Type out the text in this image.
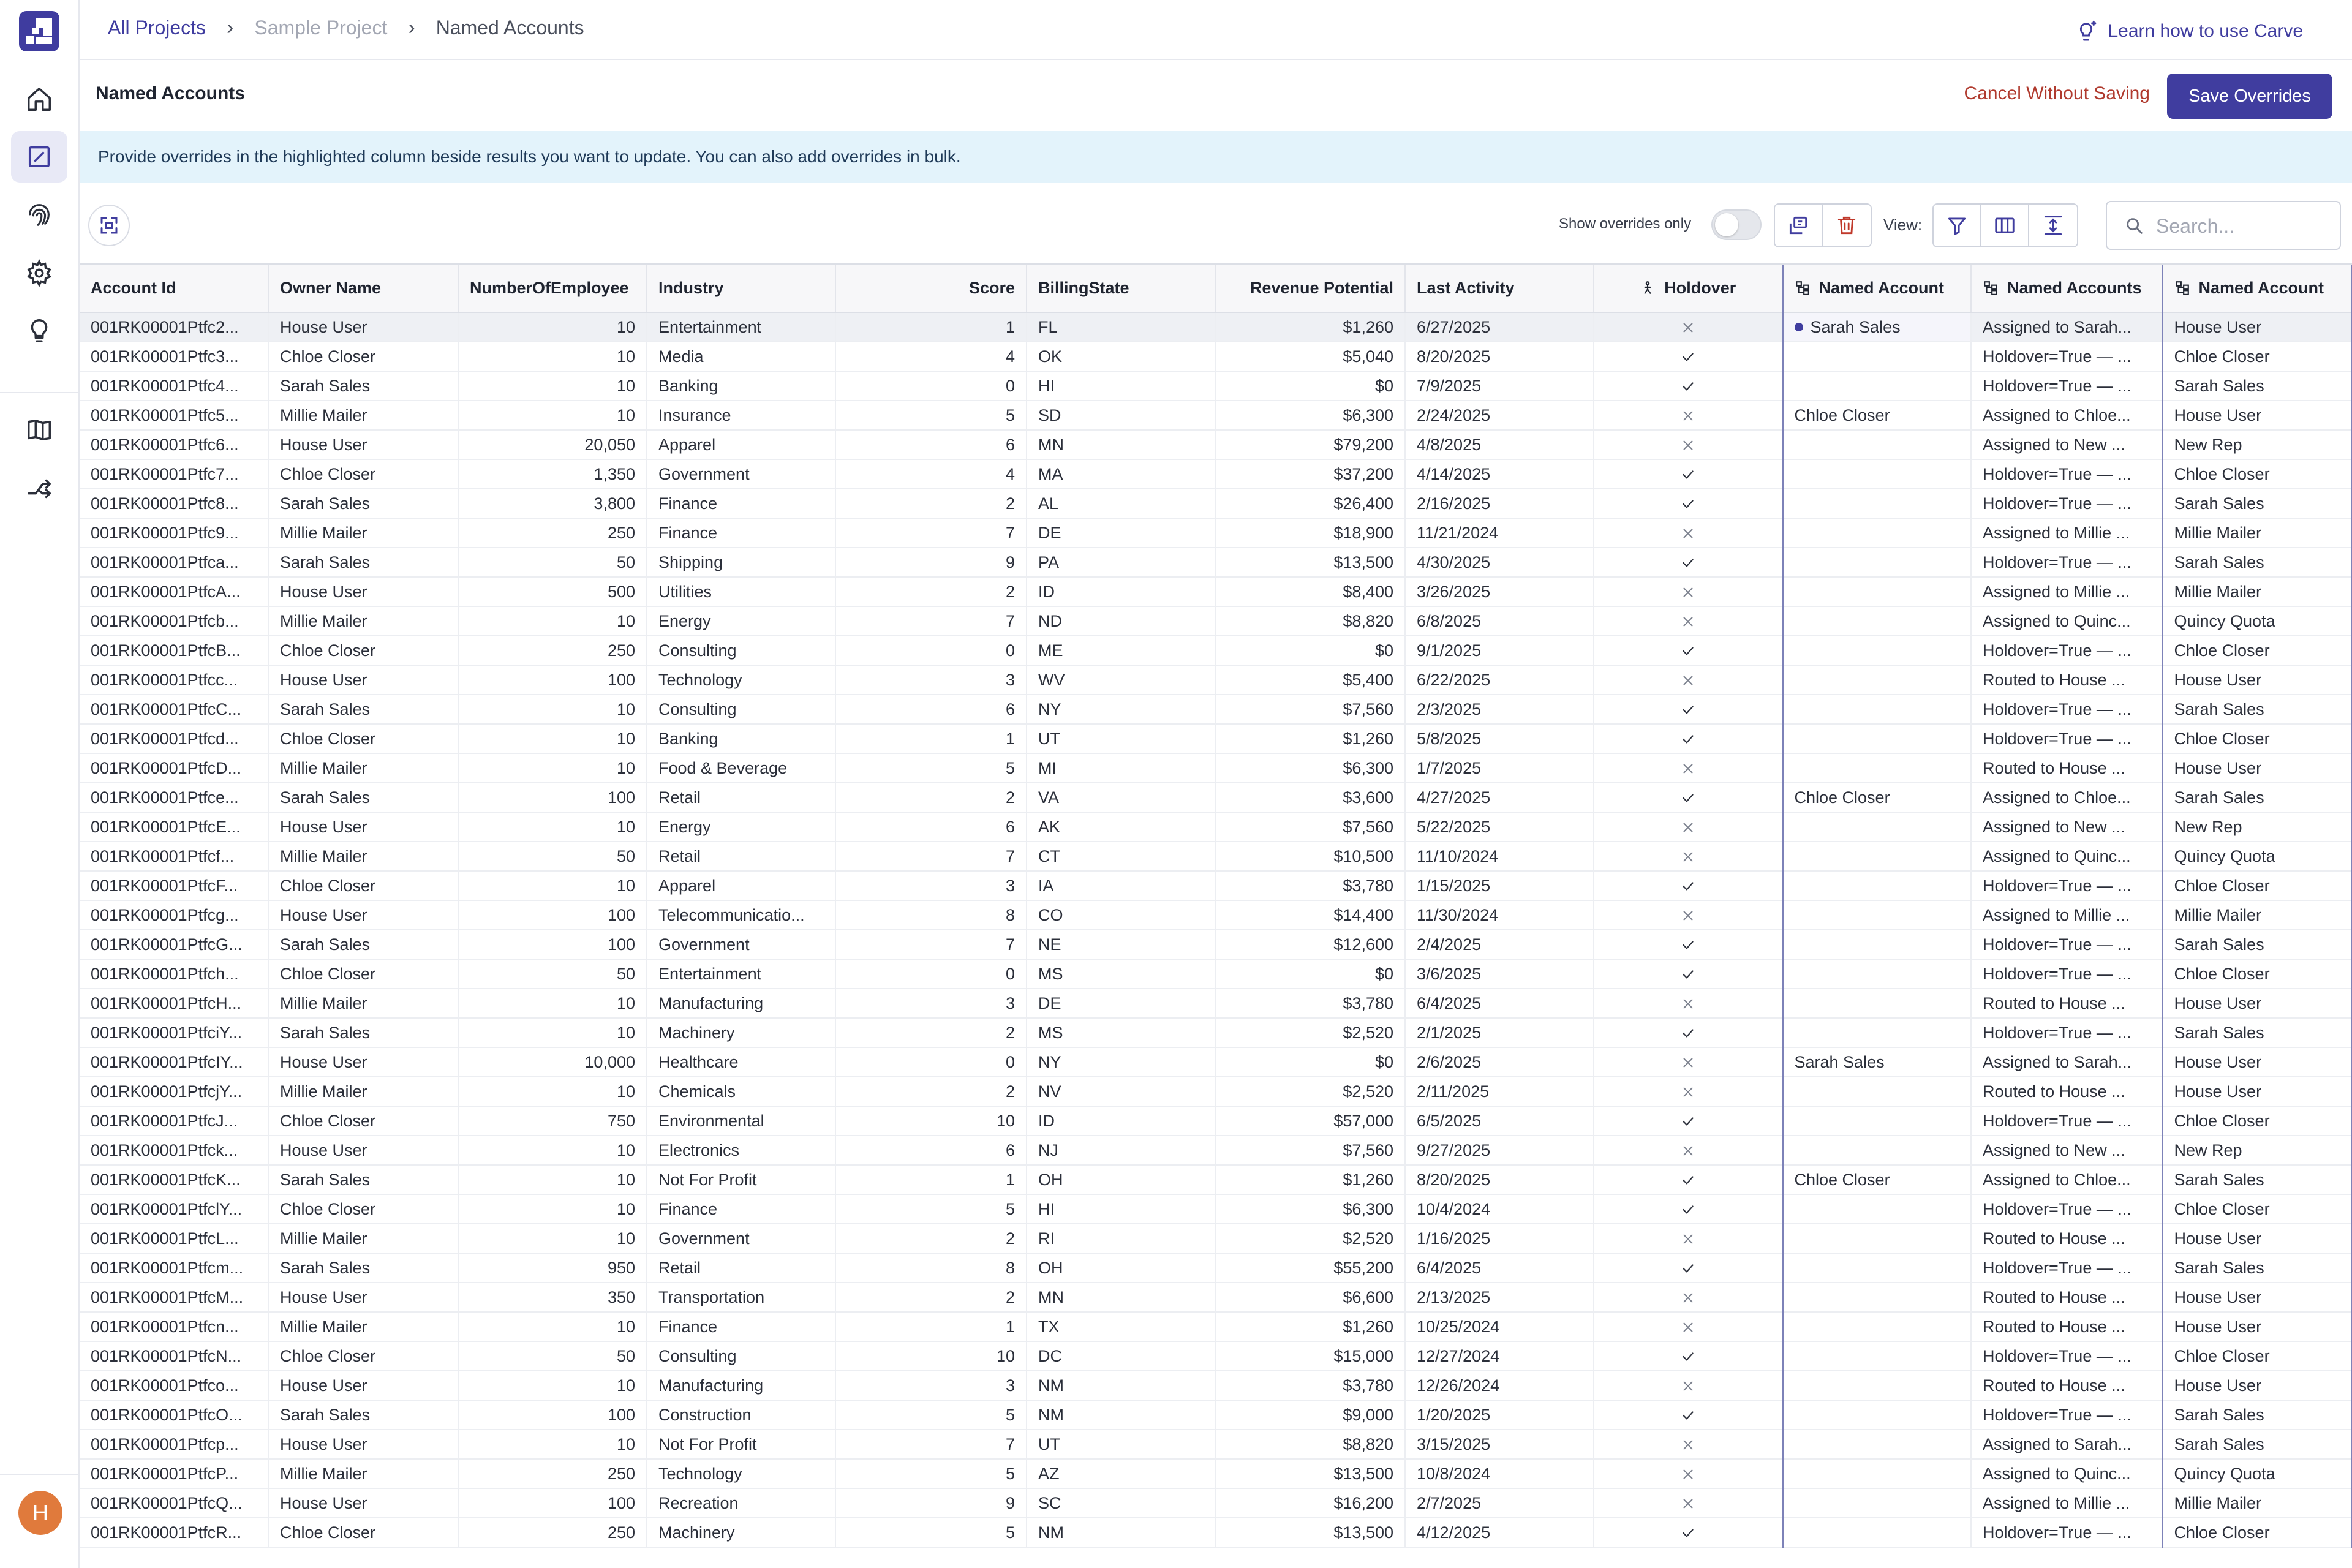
H
All Projects › Sample Project › Named Accounts	Learn how to use Carve
Named Accounts	Cancel Without Saving	Save Overrides
Provide overrides in the highlighted column beside results you want to update. You can also add overrides in bulk.
Show overrides only	View:
Search...
Account Id	Owner Name	NumberOfEmployee	Industry	Score	BillingState	Revenue Potential	Last Activity	Holdover	Named Account	Named Accounts	Named Account
001RK00001Ptfc2...	House User	10	Entertainment	1	FL	$1,260	6/27/2025		Sarah Sales	Assigned to Sarah...	House User
001RK00001Ptfc3...	Chloe Closer	10	Media	4	OK	$5,040	8/20/2025			Holdover=True — ...	Chloe Closer
001RK00001Ptfc4...	Sarah Sales	10	Banking	0	HI	$0	7/9/2025			Holdover=True — ...	Sarah Sales
001RK00001Ptfc5...	Millie Mailer	10	Insurance	5	SD	$6,300	2/24/2025		Chloe Closer	Assigned to Chloe...	House User
001RK00001Ptfc6...	House User	20,050	Apparel	6	MN	$79,200	4/8/2025			Assigned to New ...	New Rep
001RK00001Ptfc7...	Chloe Closer	1,350	Government	4	MA	$37,200	4/14/2025			Holdover=True — ...	Chloe Closer
001RK00001Ptfc8...	Sarah Sales	3,800	Finance	2	AL	$26,400	2/16/2025			Holdover=True — ...	Sarah Sales
001RK00001Ptfc9...	Millie Mailer	250	Finance	7	DE	$18,900	11/21/2024			Assigned to Millie ...	Millie Mailer
001RK00001Ptfca...	Sarah Sales	50	Shipping	9	PA	$13,500	4/30/2025			Holdover=True — ...	Sarah Sales
001RK00001PtfcA...	House User	500	Utilities	2	ID	$8,400	3/26/2025			Assigned to Millie ...	Millie Mailer
001RK00001Ptfcb...	Millie Mailer	10	Energy	7	ND	$8,820	6/8/2025			Assigned to Quinc...	Quincy Quota
001RK00001PtfcB...	Chloe Closer	250	Consulting	0	ME	$0	9/1/2025			Holdover=True — ...	Chloe Closer
001RK00001Ptfcc...	House User	100	Technology	3	WV	$5,400	6/22/2025			Routed to House ...	House User
001RK00001PtfcC...	Sarah Sales	10	Consulting	6	NY	$7,560	2/3/2025			Holdover=True — ...	Sarah Sales
001RK00001Ptfcd...	Chloe Closer	10	Banking	1	UT	$1,260	5/8/2025			Holdover=True — ...	Chloe Closer
001RK00001PtfcD...	Millie Mailer	10	Food & Beverage	5	MI	$6,300	1/7/2025			Routed to House ...	House User
001RK00001Ptfce...	Sarah Sales	100	Retail	2	VA	$3,600	4/27/2025		Chloe Closer	Assigned to Chloe...	Sarah Sales
001RK00001PtfcE...	House User	10	Energy	6	AK	$7,560	5/22/2025			Assigned to New ...	New Rep
001RK00001Ptfcf...	Millie Mailer	50	Retail	7	CT	$10,500	11/10/2024			Assigned to Quinc...	Quincy Quota
001RK00001PtfcF...	Chloe Closer	10	Apparel	3	IA	$3,780	1/15/2025			Holdover=True — ...	Chloe Closer
001RK00001Ptfcg...	House User	100	Telecommunicatio...	8	CO	$14,400	11/30/2024			Assigned to Millie ...	Millie Mailer
001RK00001PtfcG...	Sarah Sales	100	Government	7	NE	$12,600	2/4/2025			Holdover=True — ...	Sarah Sales
001RK00001Ptfch...	Chloe Closer	50	Entertainment	0	MS	$0	3/6/2025			Holdover=True — ...	Chloe Closer
001RK00001PtfcH...	Millie Mailer	10	Manufacturing	3	DE	$3,780	6/4/2025			Routed to House ...	House User
001RK00001PtfciY...	Sarah Sales	10	Machinery	2	MS	$2,520	2/1/2025			Holdover=True — ...	Sarah Sales
001RK00001PtfcIY...	House User	10,000	Healthcare	0	NY	$0	2/6/2025		Sarah Sales	Assigned to Sarah...	House User
001RK00001PtfcjY...	Millie Mailer	10	Chemicals	2	NV	$2,520	2/11/2025			Routed to House ...	House User
001RK00001PtfcJ...	Chloe Closer	750	Environmental	10	ID	$57,000	6/5/2025			Holdover=True — ...	Chloe Closer
001RK00001Ptfck...	House User	10	Electronics	6	NJ	$7,560	9/27/2025			Assigned to New ...	New Rep
001RK00001PtfcK...	Sarah Sales	10	Not For Profit	1	OH	$1,260	8/20/2025		Chloe Closer	Assigned to Chloe...	Sarah Sales
001RK00001PtfclY...	Chloe Closer	10	Finance	5	HI	$6,300	10/4/2024			Holdover=True — ...	Chloe Closer
001RK00001PtfcL...	Millie Mailer	10	Government	2	RI	$2,520	1/16/2025			Routed to House ...	House User
001RK00001Ptfcm...	Sarah Sales	950	Retail	8	OH	$55,200	6/4/2025			Holdover=True — ...	Sarah Sales
001RK00001PtfcM...	House User	350	Transportation	2	MN	$6,600	2/13/2025			Routed to House ...	House User
001RK00001Ptfcn...	Millie Mailer	10	Finance	1	TX	$1,260	10/25/2024			Routed to House ...	House User
001RK00001PtfcN...	Chloe Closer	50	Consulting	10	DC	$15,000	12/27/2024			Holdover=True — ...	Chloe Closer
001RK00001Ptfco...	House User	10	Manufacturing	3	NM	$3,780	12/26/2024			Routed to House ...	House User
001RK00001PtfcO...	Sarah Sales	100	Construction	5	NM	$9,000	1/20/2025			Holdover=True — ...	Sarah Sales
001RK00001Ptfcp...	House User	10	Not For Profit	7	UT	$8,820	3/15/2025			Assigned to Sarah...	Sarah Sales
001RK00001PtfcP...	Millie Mailer	250	Technology	5	AZ	$13,500	10/8/2024			Assigned to Quinc...	Quincy Quota
001RK00001PtfcQ...	House User	100	Recreation	9	SC	$16,200	2/7/2025			Assigned to Millie ...	Millie Mailer
001RK00001PtfcR...	Chloe Closer	250	Machinery	5	NM	$13,500	4/12/2025			Holdover=True — ...	Chloe Closer
